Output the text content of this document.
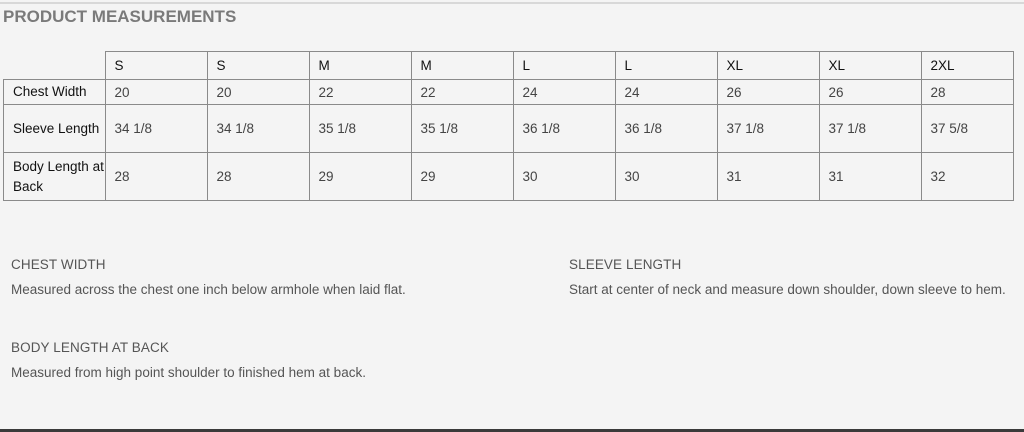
PRODUCT MEASUREMENTS
	S	S	M	M	L	L	XL	XL	2XL
Chest Width	20	20	22	22	24	24	26	26	28
Sleeve Length	34 1/8	34 1/8	35 1/8	35 1/8	36 1/8	36 1/8	37 1/8	37 1/8	37 5/8
Body Length at Back	28	28	29	29	30	30	31	31	32
CHEST WIDTH
Measured across the chest one inch below armhole when laid flat.
SLEEVE LENGTH
Start at center of neck and measure down shoulder, down sleeve to hem.
BODY LENGTH AT BACK
Measured from high point shoulder to finished hem at back.
